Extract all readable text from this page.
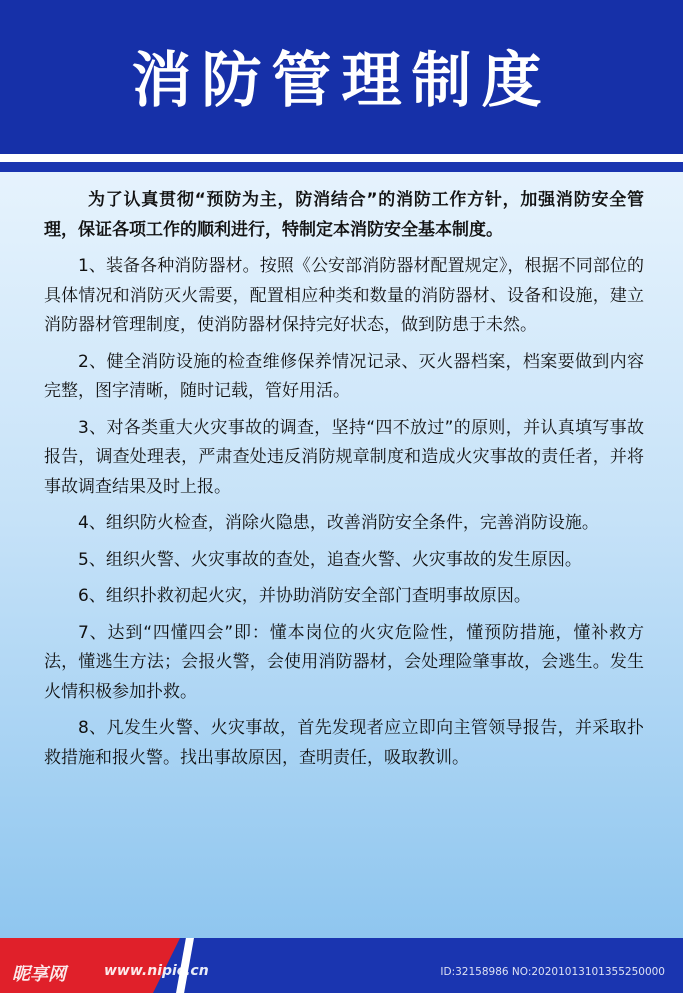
消防管理制度

为了认真贯彻“预防为主，防消结合”的消防工作方针，加强消防安全管理，保证各项工作的顺利进行，特制定本消防安全基本制度。

1、装备各种消防器材。按照《公安部消防器材配置规定》，根据不同部位的具体情况和消防灭火需要，配置相应种类和数量的消防器材、设备和设施，建立消防器材管理制度，使消防器材保持完好状态，做到防患于未然。

2、健全消防设施的检查维修保养情况记录、灭火器档案，档案要做到内容完整，图字清晰，随时记载，管好用活。

3、对各类重大火灾事故的调查，坚持“四不放过”的原则，并认真填写事故报告，调查处理表，严肃查处违反消防规章制度和造成火灾事故的责任者，并将事故调查结果及时上报。

4、组织防火检查，消除火隐患，改善消防安全条件，完善消防设施。

5、组织火警、火灾事故的查处，追查火警、火灾事故的发生原因。

6、组织扑救初起火灾，并协助消防安全部门查明事故原因。

7、达到“四懂四会”即：懂本岗位的火灾危险性，懂预防措施，懂补救方法，懂逃生方法；会报火警，会使用消防器材，会处理险肇事故，会逃生。发生火情积极参加扑救。

8、凡发生火警、火灾事故，首先发现者应立即向主管领导报告，并采取扑救措施和报火警。找出事故原因，查明责任，吸取教训。

昵享网	www.nipic.cn	ID:32158986 NO:20201013101355250000
